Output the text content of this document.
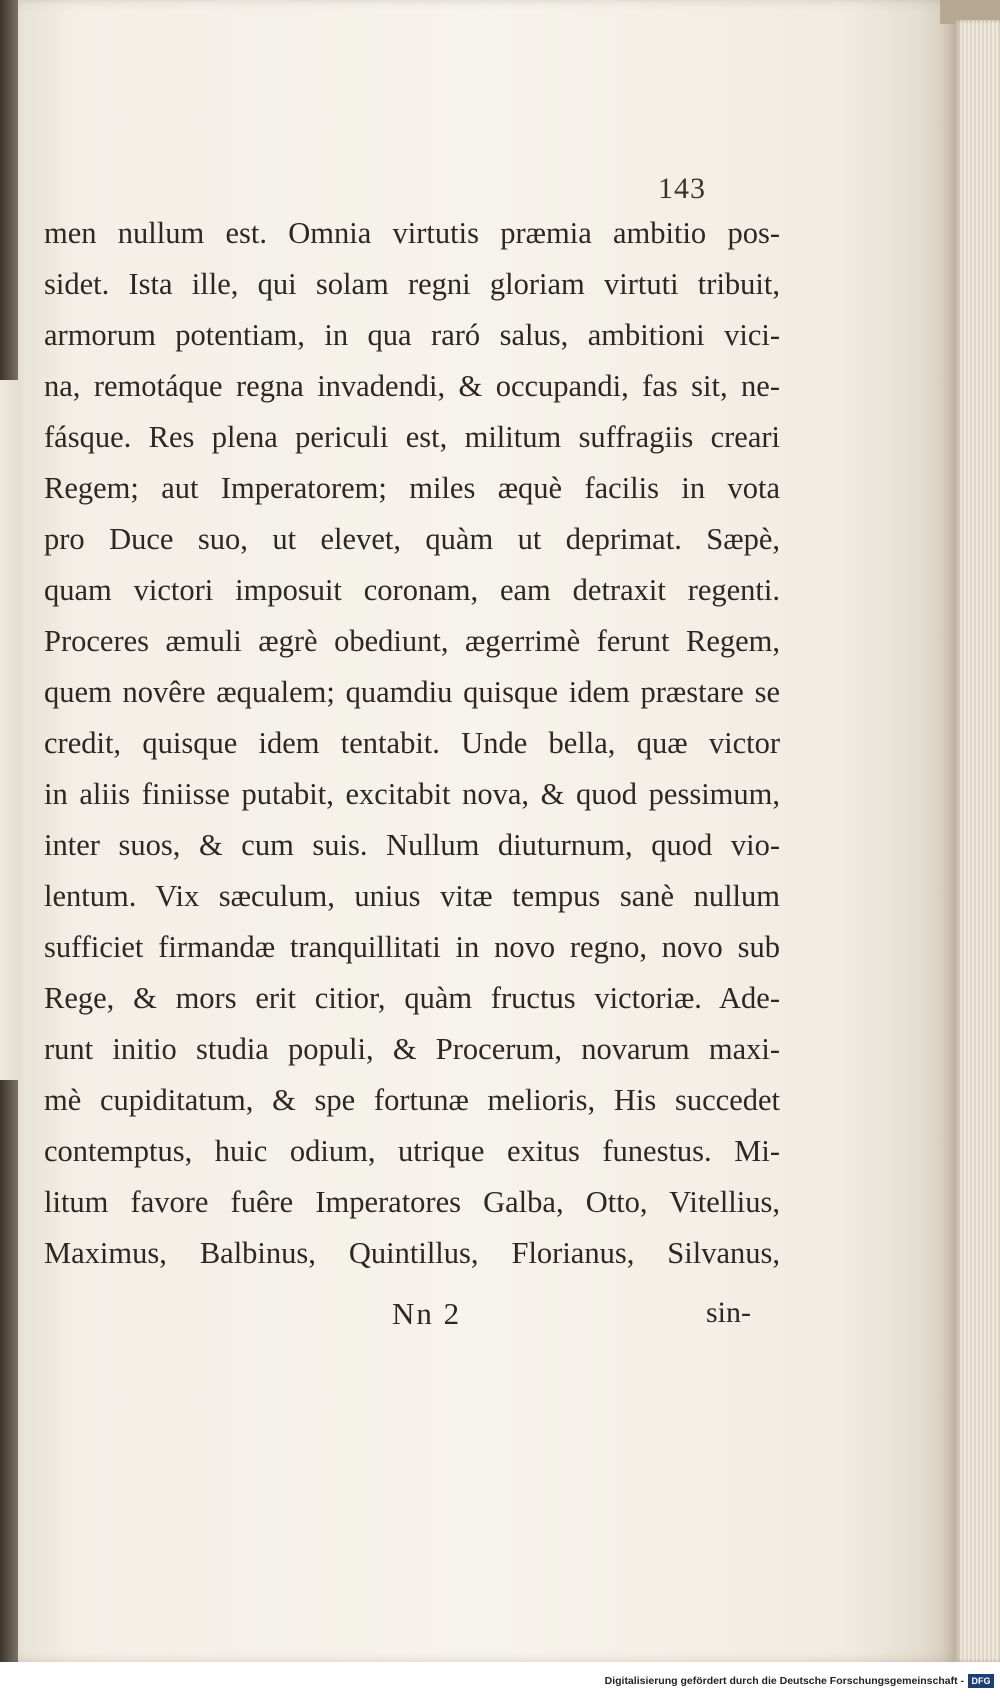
143
men nullum est. Omnia virtutis præmia ambitio pos-
sidet. Ista ille, qui solam regni gloriam virtuti tribuit,
armorum potentiam, in qua raró salus, ambitioni vici-
na, remotáque regna invadendi, & occupandi, fas sit, ne-
fásque. Res plena periculi est, militum suffragiis creari
Regem; aut Imperatorem; miles æquè facilis in vota
pro Duce suo, ut elevet, quàm ut deprimat. Sæpè,
quam victori imposuit coronam, eam detraxit regenti.
Proceres æmuli ægrè obediunt, ægerrimè ferunt Regem,
quem novêre æqualem; quamdiu quisque idem præstare se
credit, quisque idem tentabit. Unde bella, quæ victor
in aliis finiisse putabit, excitabit nova, & quod pessimum,
inter suos, & cum suis. Nullum diuturnum, quod vio-
lentum. Vix sæculum, unius vitæ tempus sanè nullum
sufficiet firmandæ tranquillitati in novo regno, novo sub
Rege, & mors erit citior, quàm fructus victoriæ. Ade-
runt initio studia populi, & Procerum, novarum maxi-
mè cupiditatum, & spe fortunæ melioris, His succedet
contemptus, huic odium, utrique exitus funestus. Mi-
litum favore fuêre Imperatores Galba, Otto, Vitellius,
Maximus, Balbinus, Quintillus, Florianus, Silvanus,
Nn 2	sin-
Digitalisierung gefördert durch die Deutsche Forschungsgemeinschaft - DFG
